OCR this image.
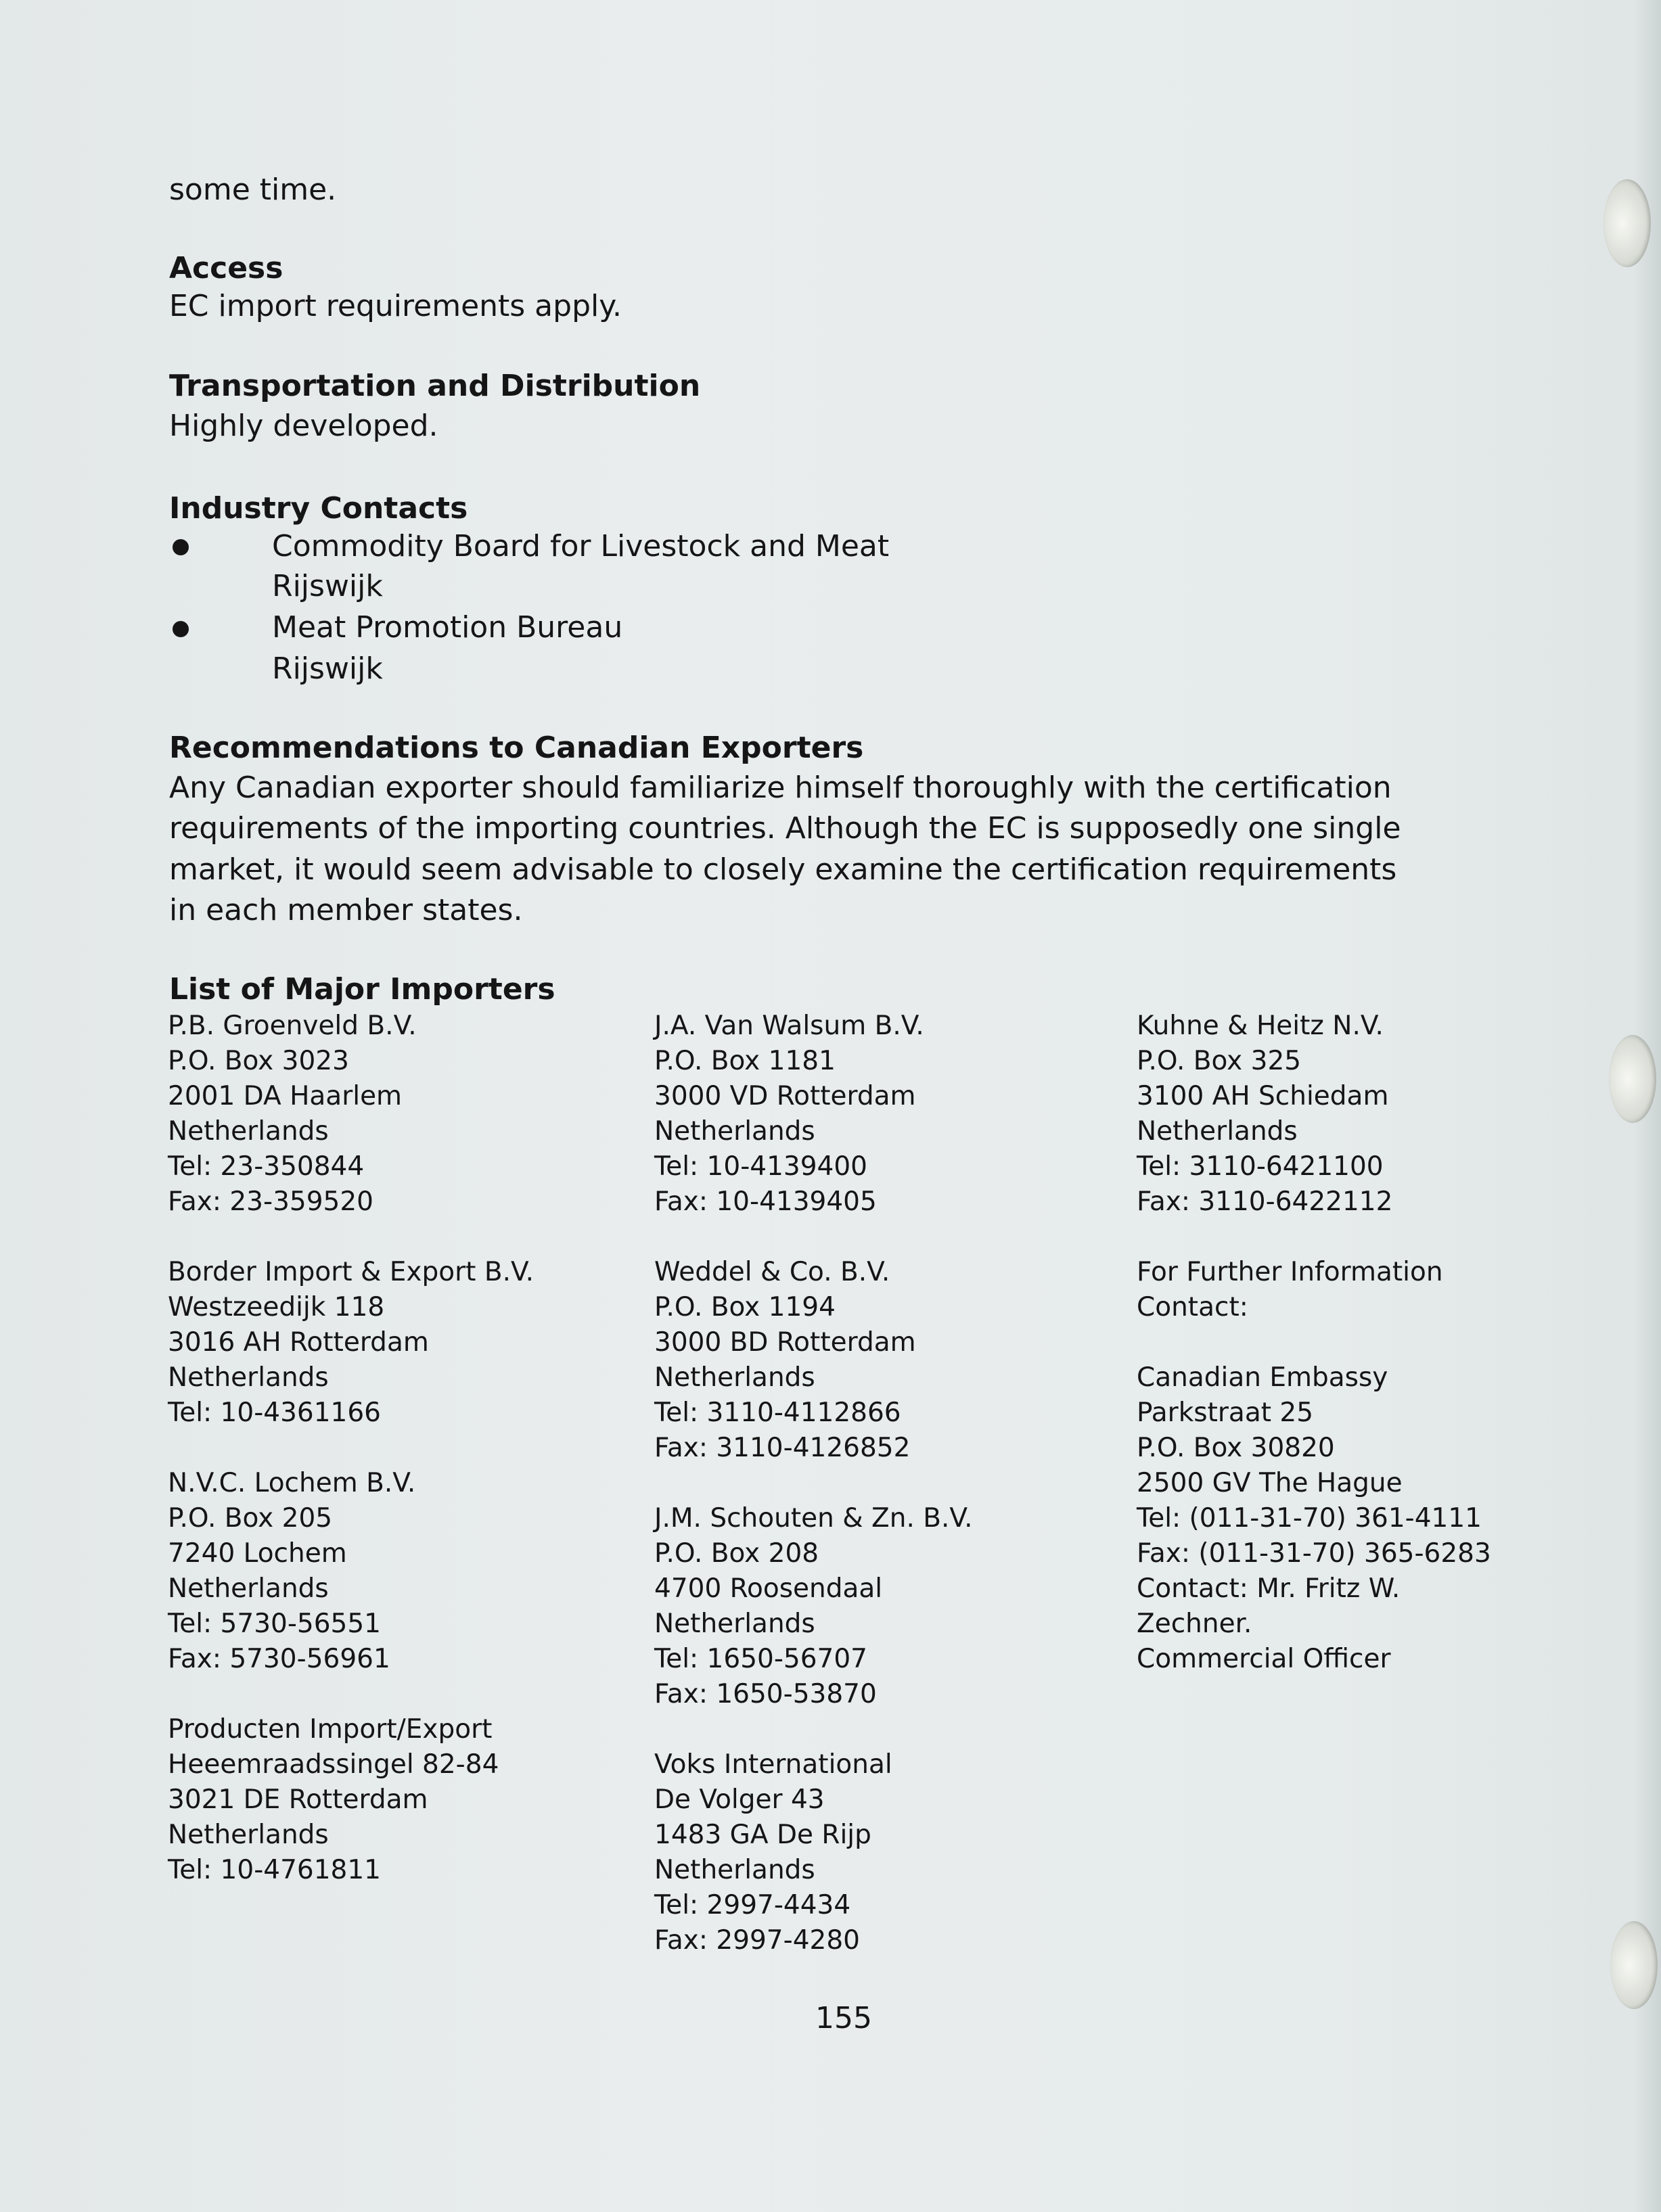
some time.
Access
EC import requirements apply.
Transportation and Distribution
Highly developed.
Industry Contacts
Commodity Board for Livestock and Meat
Rijswijk
Meat Promotion Bureau
Rijswijk
Recommendations to Canadian Exporters
Any Canadian exporter should familiarize himself thoroughly with the certification
requirements of the importing countries. Although the EC is supposedly one single
market, it would seem advisable to closely examine the certification requirements
in each member states.
List of Major Importers
P.B. Groenveld B.V.
P.O. Box 3023
2001 DA Haarlem
Netherlands
Tel: 23-350844
Fax: 23-359520
Border Import & Export B.V.
Westzeedijk 118
3016 AH Rotterdam
Netherlands
Tel: 10-4361166
N.V.C. Lochem B.V.
P.O. Box 205
7240 Lochem
Netherlands
Tel: 5730-56551
Fax: 5730-56961
Producten Import/Export
Heeemraadssingel 82-84
3021 DE Rotterdam
Netherlands
Tel: 10-4761811
J.A. Van Walsum B.V.
P.O. Box 1181
3000 VD Rotterdam
Netherlands
Tel: 10-4139400
Fax: 10-4139405
Weddel & Co. B.V.
P.O. Box 1194
3000 BD Rotterdam
Netherlands
Tel: 3110-4112866
Fax: 3110-4126852
J.M. Schouten & Zn. B.V.
P.O. Box 208
4700 Roosendaal
Netherlands
Tel: 1650-56707
Fax: 1650-53870
Voks International
De Volger 43
1483 GA De Rijp
Netherlands
Tel: 2997-4434
Fax: 2997-4280
Kuhne & Heitz N.V.
P.O. Box 325
3100 AH Schiedam
Netherlands
Tel: 3110-6421100
Fax: 3110-6422112
For Further Information
Contact:
Canadian Embassy
Parkstraat 25
P.O. Box 30820
2500 GV The Hague
Tel: (011-31-70) 361-4111
Fax: (011-31-70) 365-6283
Contact: Mr. Fritz W.
Zechner.
Commercial Officer
155
